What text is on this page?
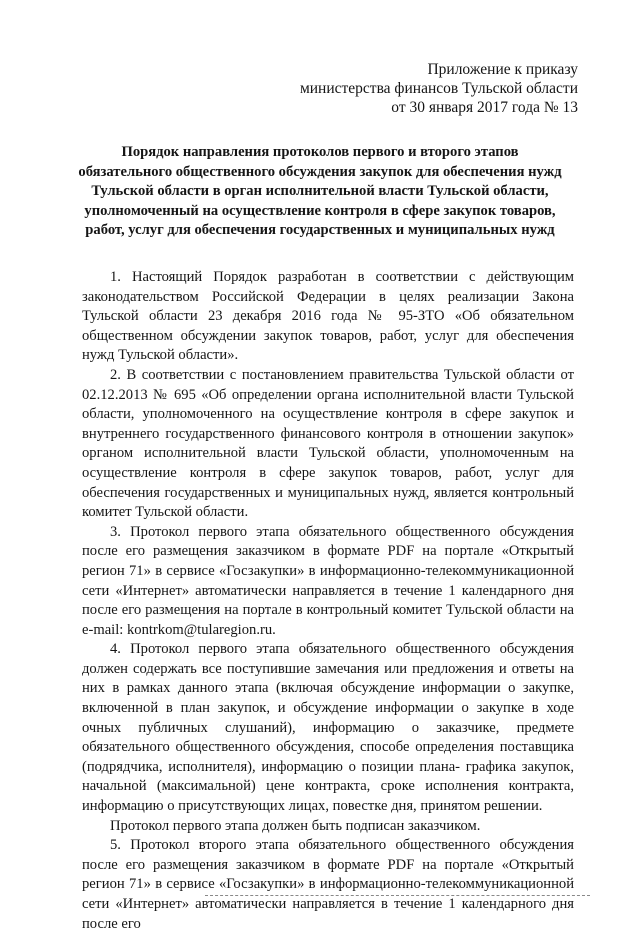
Приложение к приказу
министерства финансов Тульской области
от 30 января 2017 года № 13
Порядок направления протоколов первого и второго этапов
обязательного общественного обсуждения закупок для обеспечения нужд
Тульской области в орган исполнительной власти Тульской области,
уполномоченный на осуществление контроля в сфере закупок товаров,
работ, услуг для обеспечения государственных и муниципальных нужд

1. Настоящий Порядок разработан в соответствии с действующим законодательством Российской Федерации в целях реализации Закона Тульской области 23 декабря 2016 года № 95-ЗТО «Об обязательном общественном обсуждении закупок товаров, работ, услуг для обеспечения нужд Тульской области».

2. В соответствии с постановлением правительства Тульской области от 02.12.2013 № 695 «Об определении органа исполнительной власти Тульской области, уполномоченного на осуществление контроля в сфере закупок и внутреннего государственного финансового контроля в отношении закупок» органом исполнительной власти Тульской области, уполномоченным на осуществление контроля в сфере закупок товаров, работ, услуг для обеспечения государственных и муниципальных нужд, является контрольный комитет Тульской области.

3. Протокол первого этапа обязательного общественного обсуждения после его размещения заказчиком в формате PDF на портале «Открытый регион 71» в сервисе «Госзакупки» в информационно-телекоммуникационной сети «Интернет» автоматически направляется в течение 1 календарного дня после его размещения на портале в контрольный комитет Тульской области на e-mail: kontrkom@tularegion.ru.

4. Протокол первого этапа обязательного общественного обсуждения должен содержать все поступившие замечания или предложения и ответы на них в рамках данного этапа (включая обсуждение информации о закупке, включенной в план закупок, и обсуждение информации о закупке в ходе очных публичных слушаний), информацию о заказчике, предмете обязательного общественного обсуждения, способе определения поставщика (подрядчика, исполнителя), информацию о позиции плана- графика закупок, начальной (максимальной) цене контракта, сроке исполнения контракта, информацию о присутствующих лицах, повестке дня, принятом решении.

Протокол первого этапа должен быть подписан заказчиком.

5. Протокол второго этапа обязательного общественного обсуждения после его размещения заказчиком в формате PDF на портале «Открытый регион 71» в сервисе «Госзакупки» в информационно-телекоммуникационной сети «Интернет» автоматически направляется в течение 1 календарного дня после его
